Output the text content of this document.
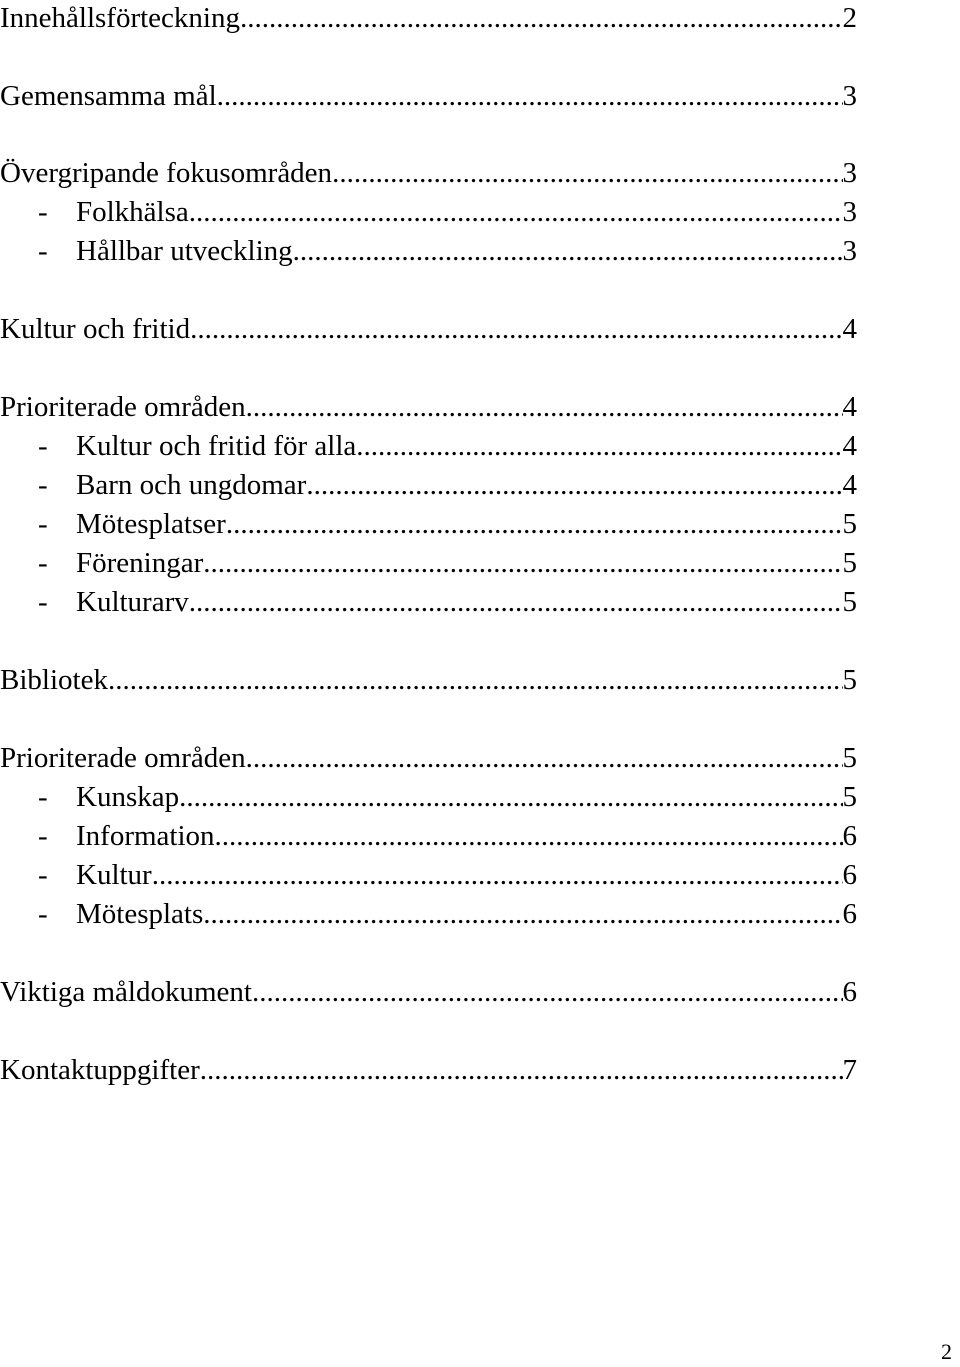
Innehållsförteckning .....	2
Gemensamma mål .....	3
Övergripande fokusområden .....	3
- Folkhälsa .....	3
- Hållbar utveckling .....	3
Kultur och fritid .....	4
Prioriterade områden .....	4
- Kultur och fritid för alla .....	4
- Barn och ungdomar .....	4
- Mötesplatser .....	5
- Föreningar .....	5
- Kulturarv .....	5
Bibliotek .....	5
Prioriterade områden .....	5
- Kunskap .....	5
- Information .....	6
- Kultur .....	6
- Mötesplats .....	6
Viktiga måldokument .....	6
Kontaktuppgifter .....	7
2
